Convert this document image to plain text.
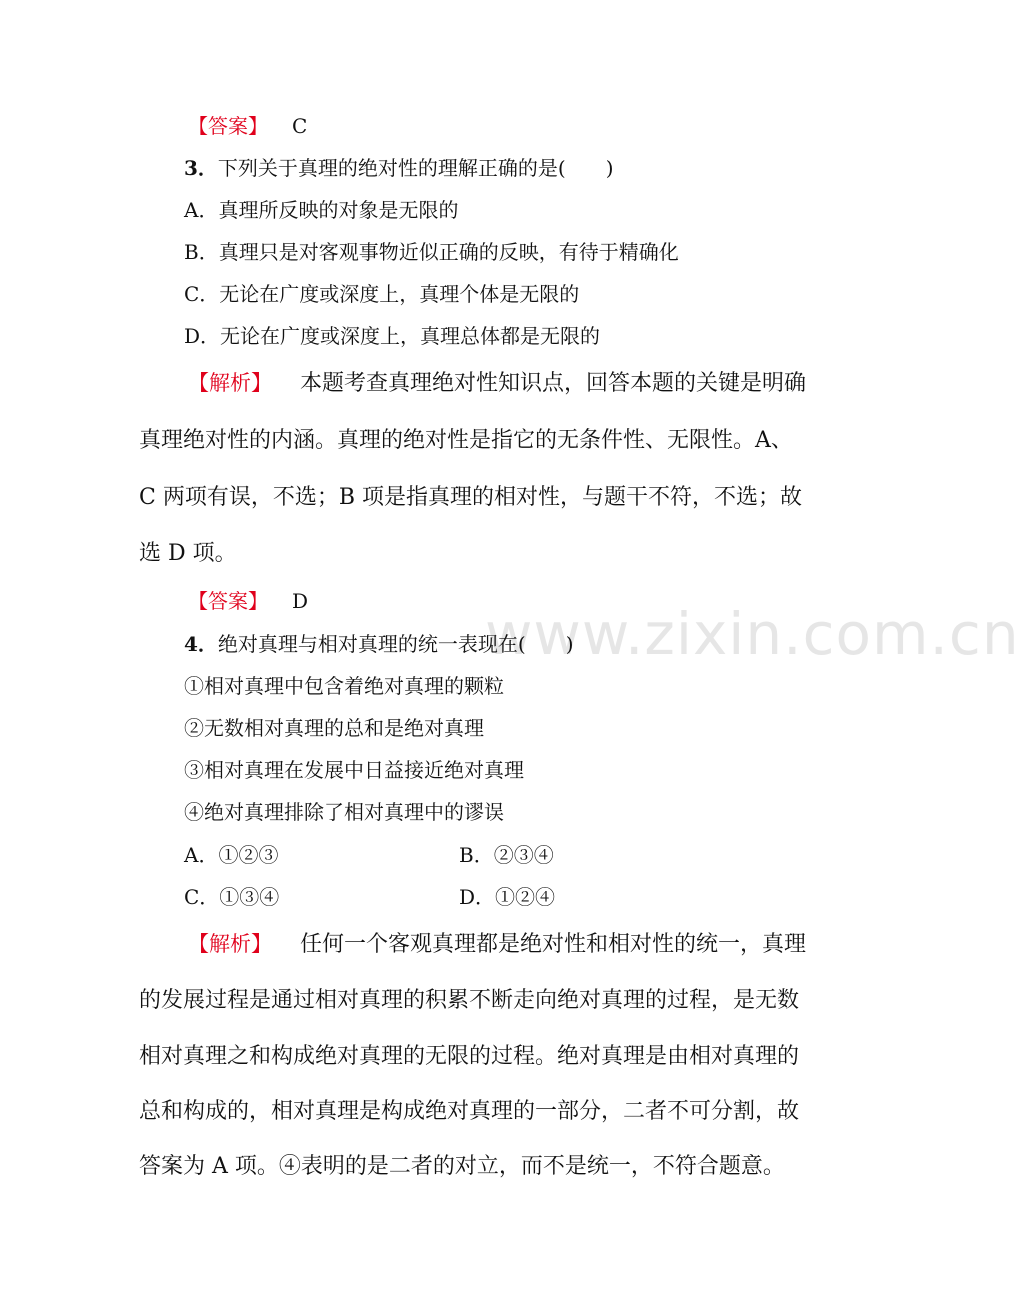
www.zixin.com.cn
【答案】 C
3．下列关于真理的绝对性的理解正确的是(　　)
A．真理所反映的对象是无限的
B．真理只是对客观事物近似正确的反映，有待于精确化
C．无论在广度或深度上，真理个体是无限的
D．无论在广度或深度上，真理总体都是无限的
【解析】 本题考查真理绝对性知识点，回答本题的关键是明确
真理绝对性的内涵。真理的绝对性是指它的无条件性、无限性。A、
C 两项有误，不选；B 项是指真理的相对性，与题干不符，不选；故
选 D 项。
【答案】 D
4．绝对真理与相对真理的统一表现在(　　)
①相对真理中包含着绝对真理的颗粒
②无数相对真理的总和是绝对真理
③相对真理在发展中日益接近绝对真理
④绝对真理排除了相对真理中的谬误
A．①②③	B．②③④
C．①③④	D．①②④
【解析】 任何一个客观真理都是绝对性和相对性的统一，真理
的发展过程是通过相对真理的积累不断走向绝对真理的过程，是无数
相对真理之和构成绝对真理的无限的过程。绝对真理是由相对真理的
总和构成的，相对真理是构成绝对真理的一部分，二者不可分割，故
答案为 A 项。④表明的是二者的对立，而不是统一，不符合题意。
